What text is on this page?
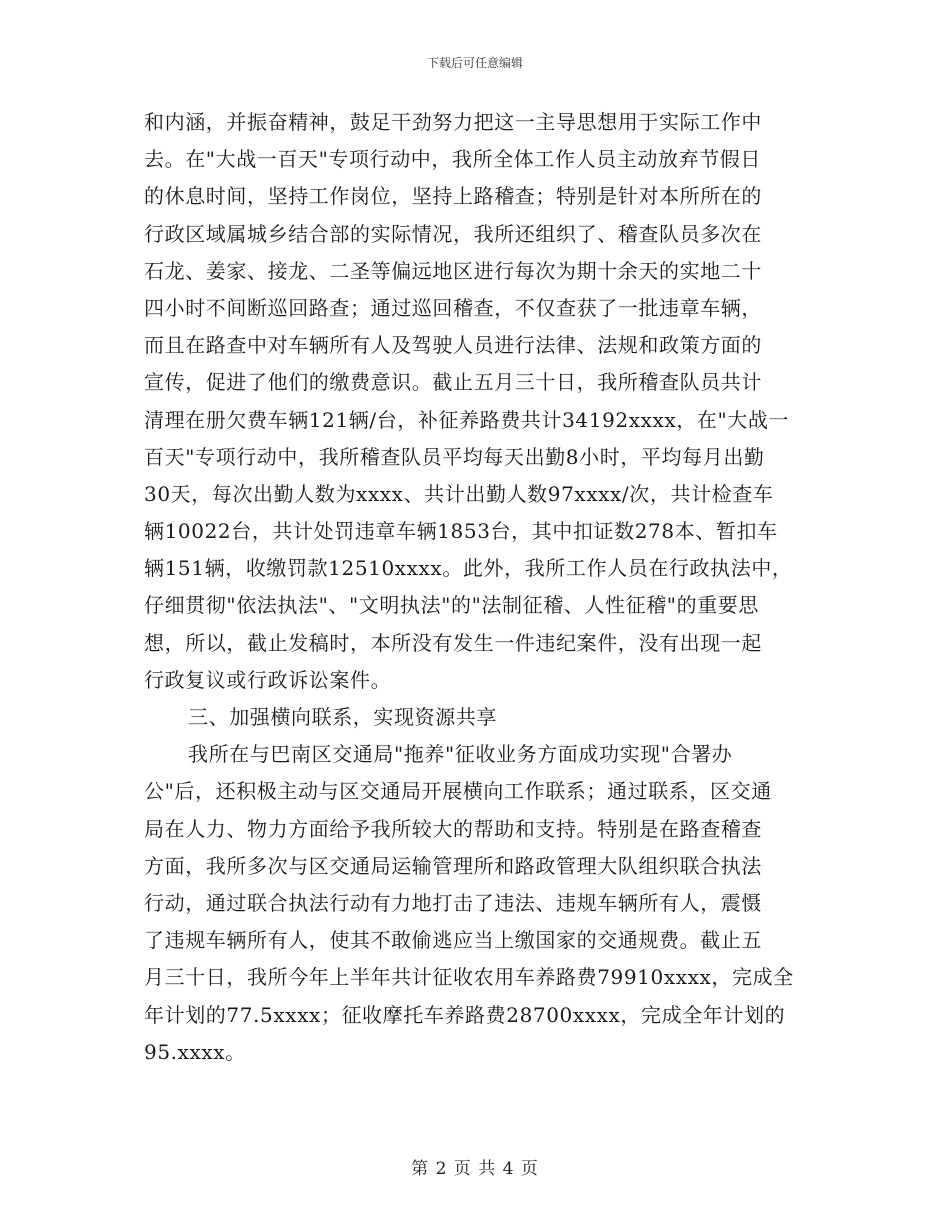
下载后可任意编辑
和内涵，并振奋精神，鼓足干劲努力把这一主导思想用于实际工作中
去。在"大战一百天"专项行动中，我所全体工作人员主动放弃节假日
的休息时间，坚持工作岗位，坚持上路稽查；特别是针对本所所在的
行政区域属城乡结合部的实际情况，我所还组织了、稽查队员多次在
石龙、姜家、接龙、二圣等偏远地区进行每次为期十余天的实地二十
四小时不间断巡回路查；通过巡回稽查，不仅查获了一批违章车辆，
而且在路查中对车辆所有人及驾驶人员进行法律、法规和政策方面的
宣传，促进了他们的缴费意识。截止五月三十日，我所稽查队员共计
清理在册欠费车辆121辆/台，补征养路费共计34192xxxx，在"大战一
百天"专项行动中，我所稽查队员平均每天出勤8小时，平均每月出勤
30天，每次出勤人数为xxxx、共计出勤人数97xxxx/次，共计检查车
辆10022台，共计处罚违章车辆1853台，其中扣证数278本、暂扣车
辆151辆，收缴罚款12510xxxx。此外，我所工作人员在行政执法中，
仔细贯彻"依法执法"、"文明执法"的"法制征稽、人性征稽"的重要思
想，所以，截止发稿时，本所没有发生一件违纪案件，没有出现一起
行政复议或行政诉讼案件。
三、加强横向联系，实现资源共享
我所在与巴南区交通局"拖养"征收业务方面成功实现"合署办
公"后，还积极主动与区交通局开展横向工作联系；通过联系，区交通
局在人力、物力方面给予我所较大的帮助和支持。特别是在路查稽查
方面，我所多次与区交通局运输管理所和路政管理大队组织联合执法
行动，通过联合执法行动有力地打击了违法、违规车辆所有人，震慑
了违规车辆所有人，使其不敢偷逃应当上缴国家的交通规费。截止五
月三十日，我所今年上半年共计征收农用车养路费79910xxxx，完成全
年计划的77.5xxxx；征收摩托车养路费28700xxxx，完成全年计划的
95.xxxx。
第 2 页 共 4 页
